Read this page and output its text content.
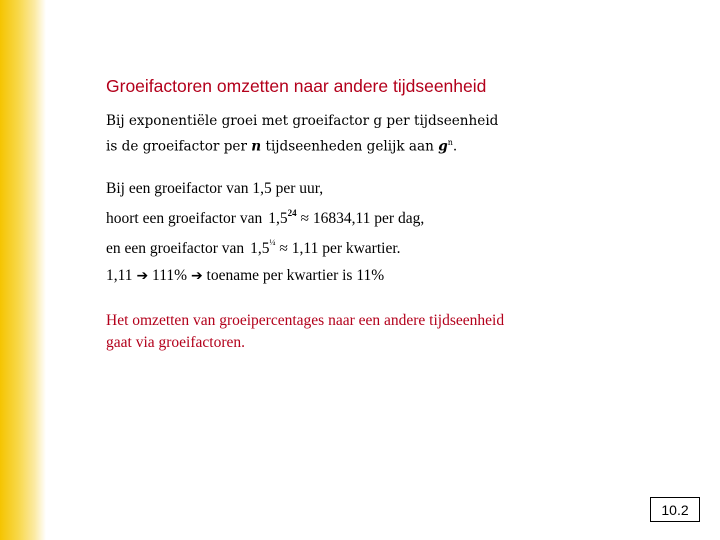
Groeifactoren omzetten naar andere tijdseenheid
Bij exponentiële groei met groeifactor g per tijdseenheid
is de groeifactor per n tijdseenheden gelijk aan $g^n$.
Bij een groeifactor van 1,5 per uur,
hoort een groeifactor van $1,5^{24} \approx 16834,11$ per dag,
en een groeifactor van $1,5^{\frac{1}{4}} \approx 1,11$ per kwartier.
1,11 ➔ 111% ➔ toename per kwartier is 11%
Het omzetten van groeipercentages naar een andere tijdseenheid
gaat via groeifactoren.
10.2
